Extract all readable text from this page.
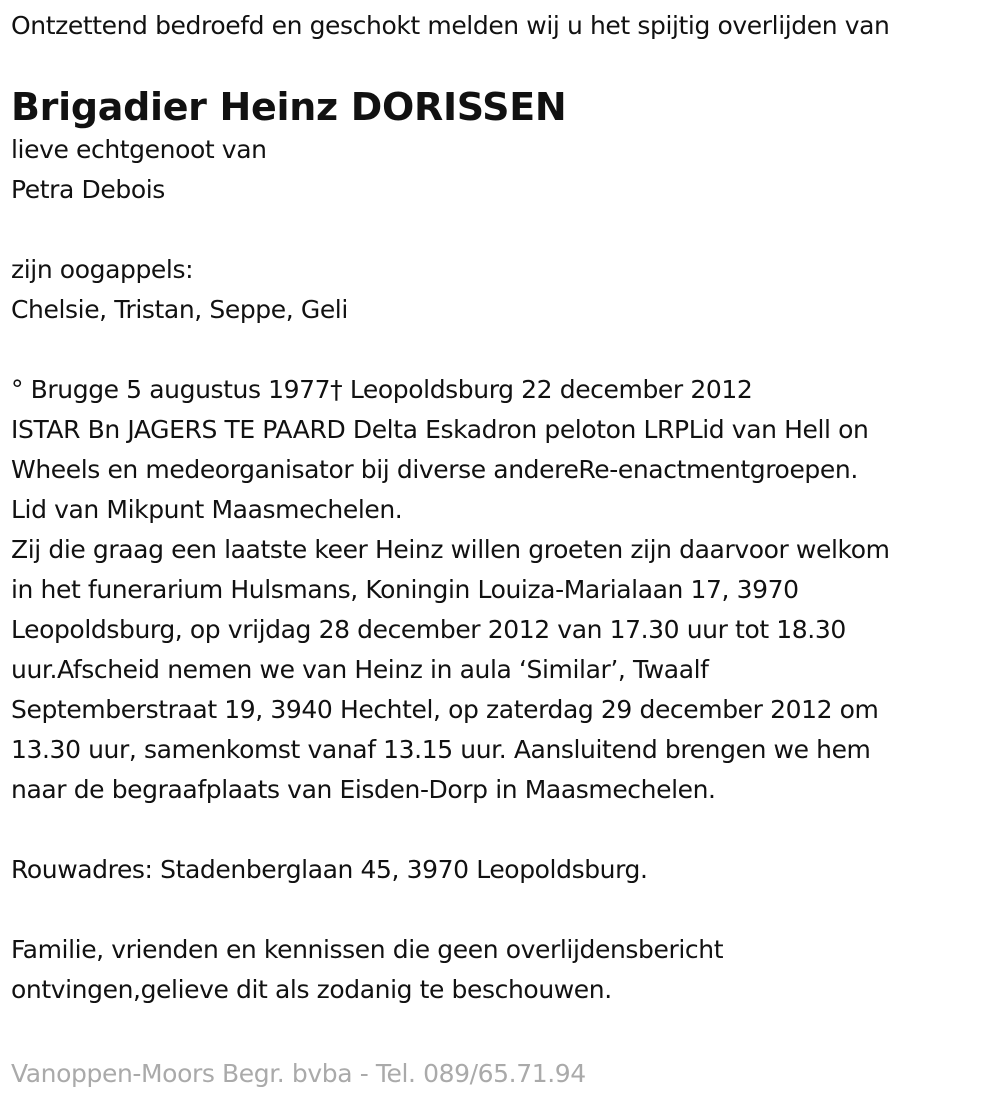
Ontzettend bedroefd en geschokt melden wij u het spijtig overlijden van
Brigadier Heinz DORISSEN
lieve echtgenoot van
Petra Debois
zijn oogappels:
Chelsie, Tristan, Seppe, Geli
° Brugge 5 augustus 1977† Leopoldsburg 22 december 2012
ISTAR Bn JAGERS TE PAARD Delta Eskadron peloton LRPLid van Hell on
Wheels en medeorganisator bij diverse andereRe-enactmentgroepen.
Lid van Mikpunt Maasmechelen.
Zij die graag een laatste keer Heinz willen groeten zijn daarvoor welkom
in het funerarium Hulsmans, Koningin Louiza-Marialaan 17, 3970
Leopoldsburg, op vrijdag 28 december 2012 van 17.30 uur tot 18.30
uur.Afscheid nemen we van Heinz in aula ‘Similar’, Twaalf
Septemberstraat 19, 3940 Hechtel, op zaterdag 29 december 2012 om
13.30 uur, samenkomst vanaf 13.15 uur. Aansluitend brengen we hem
naar de begraafplaats van Eisden-Dorp in Maasmechelen.
Rouwadres: Stadenberglaan 45, 3970 Leopoldsburg.
Familie, vrienden en kennissen die geen overlijdensbericht
ontvingen,gelieve dit als zodanig te beschouwen.
Vanoppen-Moors Begr. bvba - Tel. 089/65.71.94
